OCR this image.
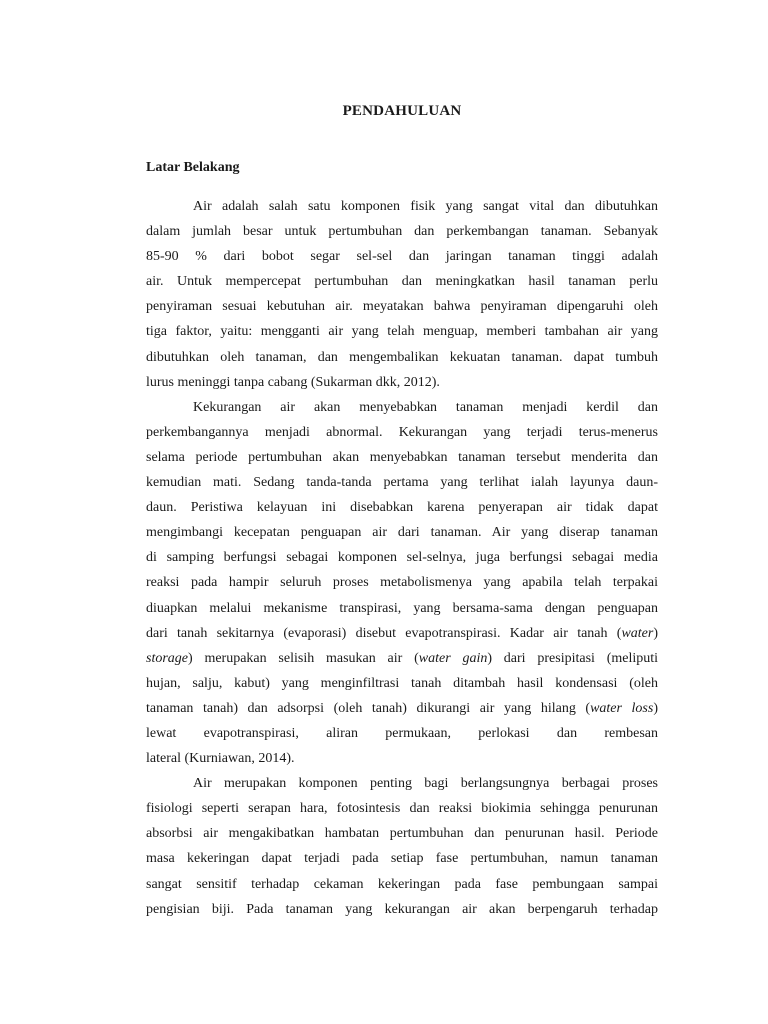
PENDAHULUAN
Latar Belakang

Air adalah salah satu komponen fisik yang sangat vital dan dibutuhkan
dalam jumlah besar untuk pertumbuhan dan perkembangan tanaman. Sebanyak
85-90 % dari bobot segar sel-sel dan jaringan tanaman tinggi adalah
air. Untuk mempercepat pertumbuhan dan meningkatkan hasil tanaman perlu
penyiraman sesuai kebutuhan air. meyatakan bahwa penyiraman dipengaruhi oleh
tiga faktor, yaitu: mengganti air yang telah menguap, memberi tambahan air yang
dibutuhkan oleh tanaman, dan mengembalikan kekuatan tanaman. dapat tumbuh
lurus meninggi tanpa cabang (Sukarman dkk, 2012).

Kekurangan air akan menyebabkan tanaman menjadi kerdil dan
perkembangannya menjadi abnormal. Kekurangan yang terjadi terus-menerus
selama periode pertumbuhan akan menyebabkan tanaman tersebut menderita dan
kemudian mati. Sedang tanda-tanda pertama yang terlihat ialah layunya daun-
daun. Peristiwa kelayuan ini disebabkan karena penyerapan air tidak dapat
mengimbangi kecepatan penguapan air dari tanaman. Air yang diserap tanaman
di samping berfungsi sebagai komponen sel-selnya, juga berfungsi sebagai media
reaksi pada hampir seluruh proses metabolismenya yang apabila telah terpakai
diuapkan melalui mekanisme transpirasi, yang bersama-sama dengan penguapan
dari tanah sekitarnya (evaporasi) disebut evapotranspirasi. Kadar air tanah (water)
storage) merupakan selisih masukan air (water gain) dari presipitasi (meliputi
hujan, salju, kabut) yang menginfiltrasi tanah ditambah hasil kondensasi (oleh
tanaman tanah) dan adsorpsi (oleh tanah) dikurangi air yang hilang (water loss)
lewat evapotranspirasi, aliran permukaan, perlokasi dan rembesan
lateral (Kurniawan, 2014).

Air merupakan komponen penting bagi berlangsungnya berbagai proses
fisiologi seperti serapan hara, fotosintesis dan reaksi biokimia sehingga penurunan
absorbsi air mengakibatkan hambatan pertumbuhan dan penurunan hasil. Periode
masa kekeringan dapat terjadi pada setiap fase pertumbuhan, namun tanaman
sangat sensitif terhadap cekaman kekeringan pada fase pembungaan sampai
pengisian biji. Pada tanaman yang kekurangan air akan berpengaruh terhadap
